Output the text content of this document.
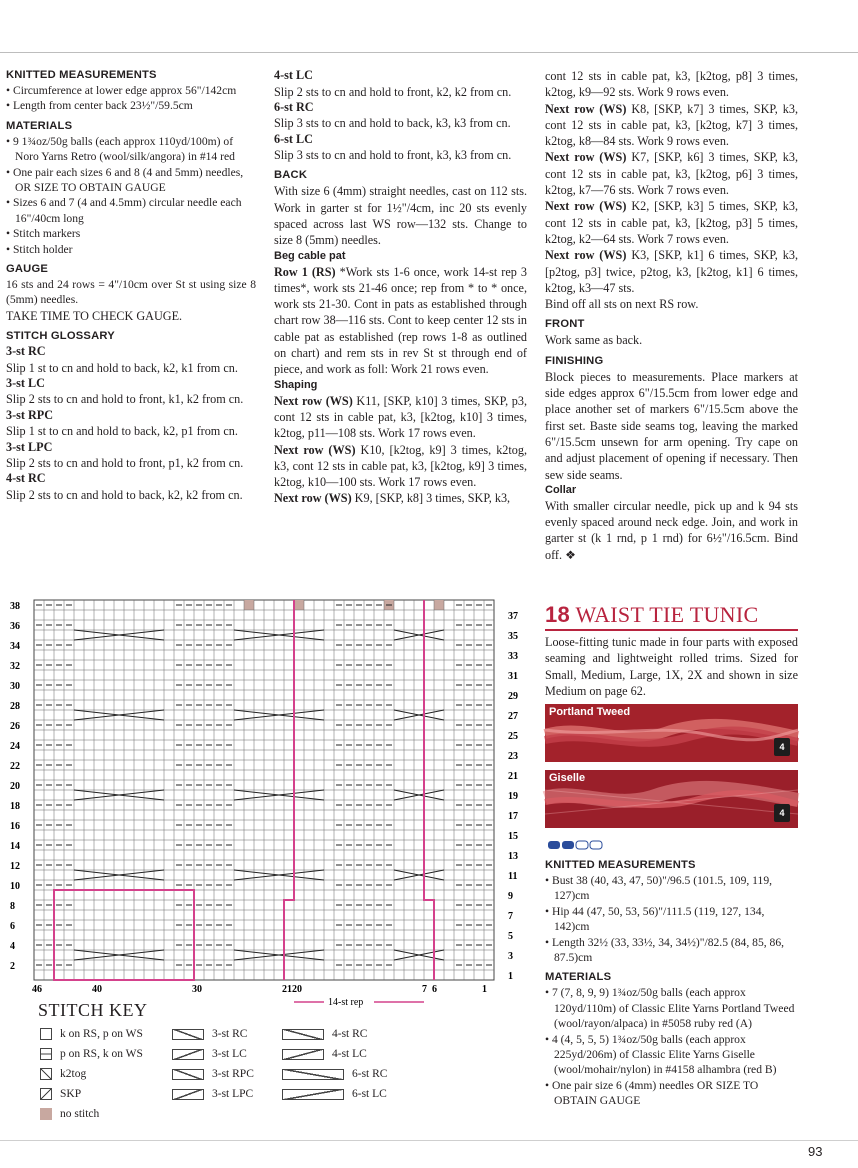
KNITTED MEASUREMENTS
• Circumference at lower edge approx 56"/142cm
• Length from center back 23½"/59.5cm
MATERIALS
• 9 1¾oz/50g balls (each approx 110yd/100m) of Noro Yarns Retro (wool/silk/angora) in #14 red
• One pair each sizes 6 and 8 (4 and 5mm) needles, OR SIZE TO OBTAIN GAUGE
• Sizes 6 and 7 (4 and 4.5mm) circular needle each 16"/40cm long
• Stitch markers
• Stitch holder
GAUGE
16 sts and 24 rows = 4"/10cm over St st using size 8 (5mm) needles.
TAKE TIME TO CHECK GAUGE.
STITCH GLOSSARY
3-st RC
Slip 1 st to cn and hold to back, k2, k1 from cn.
3-st LC
Slip 2 sts to cn and hold to front, k1, k2 from cn.
3-st RPC
Slip 1 st to cn and hold to back, k2, p1 from cn.
3-st LPC
Slip 2 sts to cn and hold to front, p1, k2 from cn.
4-st RC
Slip 2 sts to cn and hold to back, k2, k2 from cn.
4-st LC
Slip 2 sts to cn and hold to front, k2, k2 from cn.
6-st RC
Slip 3 sts to cn and hold to back, k3, k3 from cn.
6-st LC
Slip 3 sts to cn and hold to front, k3, k3 from cn.
BACK
With size 6 (4mm) straight needles, cast on 112 sts. Work in garter st for 1½"/4cm, inc 20 sts evenly spaced across last WS row—132 sts. Change to size 8 (5mm) needles.
Beg cable pat
Row 1 (RS) *Work sts 1-6 once, work 14-st rep 3 times*, work sts 21-46 once; rep from * to * once, work sts 21-30. Cont in pats as established through chart row 38—116 sts. Cont to keep center 12 sts in cable pat as established (rep rows 1-8 as outlined on chart) and rem sts in rev St st through end of piece, and work as foll: Work 21 rows even.
Shaping
Next row (WS) K11, [SKP, k10] 3 times, SKP, p3, cont 12 sts in cable pat, k3, [k2tog, k10] 3 times, k2tog, p11—108 sts. Work 17 rows even.
Next row (WS) K10, [k2tog, k9] 3 times, k2tog, k3, cont 12 sts in cable pat, k3, [k2tog, k9] 3 times, k2tog, k10—100 sts. Work 17 rows even.
Next row (WS) K9, [SKP, k8] 3 times, SKP, k3,
cont 12 sts in cable pat, k3, [k2tog, p8] 3 times, k2tog, k9—92 sts. Work 9 rows even.
Next row (WS) K8, [SKP, k7] 3 times, SKP, k3, cont 12 sts in cable pat, k3, [k2tog, k7] 3 times, k2tog, k8—84 sts. Work 9 rows even.
Next row (WS) K7, [SKP, k6] 3 times, SKP, k3, cont 12 sts in cable pat, k3, [k2tog, p6] 3 times, k2tog, k7—76 sts. Work 7 rows even.
Next row (WS) K2, [SKP, k3] 5 times, SKP, k3, cont 12 sts in cable pat, k3, [k2tog, p3] 5 times, k2tog, k2—64 sts. Work 7 rows even.
Next row (WS) K3, [SKP, k1] 6 times, SKP, k3, [p2tog, p3] twice, p2tog, k3, [k2tog, k1] 6 times, k2tog, k3—47 sts.
Bind off all sts on next RS row.
FRONT
Work same as back.
FINISHING
Block pieces to measurements. Place markers at side edges approx 6"/15.5cm from lower edge and place another set of markers 6"/15.5cm above the first set. Baste side seams tog, leaving the marked 6"/15.5cm unsewn for arm opening. Try cape on and adjust placement of opening if necessary. Then sew side seams.
Collar
With smaller circular needle, pick up and k 94 sts evenly spaced around neck edge. Join, and work in garter st (k 1 rnd, p 1 rnd) for 6½"/16.5cm. Bind off. ❖
18 WAIST TIE TUNIC
Loose-fitting tunic made in four parts with exposed seaming and lightweight rolled trims. Sized for Small, Medium, Large, 1X, 2X and shown in size Medium on page 62.
Portland Tweed
4
Giselle
4
KNITTED MEASUREMENTS
• Bust 38 (40, 43, 47, 50)"/96.5 (101.5, 109, 119, 127)cm
• Hip 44 (47, 50, 53, 56)"/111.5 (119, 127, 134, 142)cm
• Length 32½ (33, 33½, 34, 34½)"/82.5 (84, 85, 86, 87.5)cm
MATERIALS
• 7 (7, 8, 9, 9) 1¾oz/50g balls (each approx 120yd/110m) of Classic Elite Yarns Portland Tweed (wool/rayon/alpaca) in #5058 ruby red (A)
• 4 (4, 5, 5, 5) 1¾oz/50g balls (each approx 225yd/206m) of Classic Elite Yarns Giselle (wool/mohair/nylon) in #4158 alhambra (red B)
• One pair size 6 (4mm) needles OR SIZE TO OBTAIN GAUGE
38
36
34
32
30
28
26
24
22
20
18
16
14
12
10
8
6
4
2
37
35
33
31
29
27
25
23
21
19
17
15
13
11
9
7
5
3
1
46	40	30	21 20	7 6	1
14-st rep
STITCH KEY
k on RS, p on WS
p on RS, k on WS
k2tog
SKP
no stitch
3-st RC
3-st LC
3-st RPC
3-st LPC
4-st RC
4-st LC
6-st RC
6-st LC
93
